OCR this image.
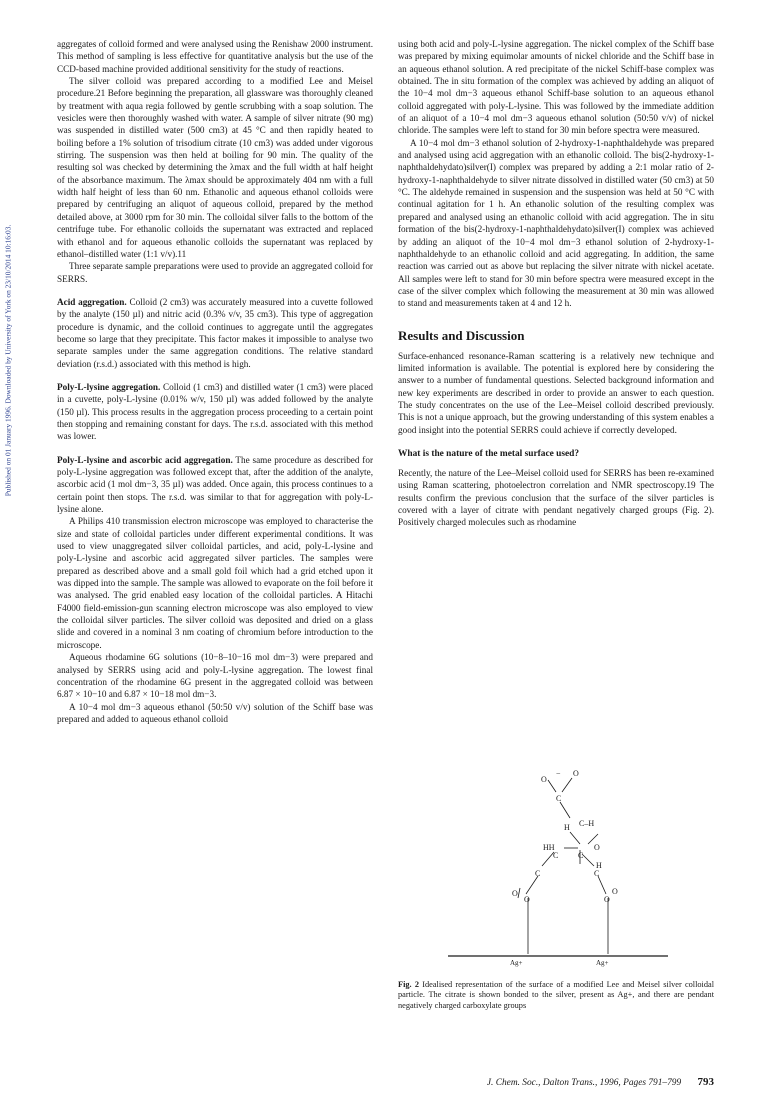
Published on 01 January 1996. Downloaded by University of York on 23/10/2014 10:16:03.

aggregates of colloid formed and were analysed using the Renishaw 2000 instrument. This method of sampling is less effective for quantitative analysis but the use of the CCD-based machine provided additional sensitivity for the study of reactions.

The silver colloid was prepared according to a modified Lee and Meisel procedure.21 Before beginning the preparation, all glassware was thoroughly cleaned by treatment with aqua regia followed by gentle scrubbing with a soap solution. The vesicles were then thoroughly washed with water. A sample of silver nitrate (90 mg) was suspended in distilled water (500 cm3) at 45 °C and then rapidly heated to boiling before a 1% solution of trisodium citrate (10 cm3) was added under vigorous stirring. The suspension was then held at boiling for 90 min. The quality of the resulting sol was checked by determining the λmax and the full width at half height of the absorbance maximum. The λmax should be approximately 404 nm with a full width half height of less than 60 nm. Ethanolic and aqueous ethanol colloids were prepared by centrifuging an aliquot of aqueous colloid, prepared by the method detailed above, at 3000 rpm for 30 min. The colloidal silver falls to the bottom of the centrifuge tube. For ethanolic colloids the supernatant was extracted and replaced with ethanol and for aqueous ethanolic colloids the supernatant was replaced by ethanol–distilled water (1:1 v/v).11

Three separate sample preparations were used to provide an aggregated colloid for SERRS.

Acid aggregation. Colloid (2 cm3) was accurately measured into a cuvette followed by the analyte (150 µl) and nitric acid (0.3% v/v, 35 cm3). This type of aggregation procedure is dynamic, and the colloid continues to aggregate until the aggregates become so large that they precipitate. This factor makes it impossible to analyse two separate samples under the same aggregation conditions. The relative standard deviation (r.s.d.) associated with this method is high.

Poly-L-lysine aggregation. Colloid (1 cm3) and distilled water (1 cm3) were placed in a cuvette, poly-L-lysine (0.01% w/v, 150 µl) was added followed by the analyte (150 µl). This process results in the aggregation process proceeding to a certain point then stopping and remaining constant for days. The r.s.d. associated with this method was lower.

Poly-L-lysine and ascorbic acid aggregation. The same procedure as described for poly-L-lysine aggregation was followed except that, after the addition of the analyte, ascorbic acid (1 mol dm−3, 35 µl) was added. Once again, this process continues to a certain point then stops. The r.s.d. was similar to that for aggregation with poly-L-lysine alone.

A Philips 410 transmission electron microscope was employed to characterise the size and state of colloidal particles under different experimental conditions. It was used to view unaggregated silver colloidal particles, and acid, poly-L-lysine and poly-L-lysine and ascorbic acid aggregated silver particles. The samples were prepared as described above and a small gold foil which had a grid etched upon it was dipped into the sample. The sample was allowed to evaporate on the foil before it was analysed. The grid enabled easy location of the colloidal particles. A Hitachi F4000 field-emission-gun scanning electron microscope was also employed to view the colloidal silver particles. The silver colloid was deposited and dried on a glass slide and covered in a nominal 3 nm coating of chromium before introduction to the microscope.

Aqueous rhodamine 6G solutions (10−8–10−16 mol dm−3) were prepared and analysed by SERRS using acid and poly-L-lysine aggregation. The lowest final concentration of the rhodamine 6G present in the aggregated colloid was between 6.87 × 10−10 and 6.87 × 10−18 mol dm−3.

A 10−4 mol dm−3 aqueous ethanol (50:50 v/v) solution of the Schiff base was prepared and added to aqueous ethanol colloid

using both acid and poly-L-lysine aggregation. The nickel complex of the Schiff base was prepared by mixing equimolar amounts of nickel chloride and the Schiff base in an aqueous ethanol solution. A red precipitate of the nickel Schiff-base complex was obtained. The in situ formation of the complex was achieved by adding an aliquot of the 10−4 mol dm−3 aqueous ethanol Schiff-base solution to an aqueous ethanol colloid aggregated with poly-L-lysine. This was followed by the immediate addition of an aliquot of a 10−4 mol dm−3 aqueous ethanol solution (50:50 v/v) of nickel chloride. The samples were left to stand for 30 min before spectra were measured.

A 10−4 mol dm−3 ethanol solution of 2-hydroxy-1-naphthaldehyde was prepared and analysed using acid aggregation with an ethanolic colloid. The bis(2-hydroxy-1-naphthaldehydato)silver(I) complex was prepared by adding a 2:1 molar ratio of 2-hydroxy-1-naphthaldehyde to silver nitrate dissolved in distilled water (50 cm3) at 50 °C. The aldehyde remained in suspension and the suspension was held at 50 °C with continual agitation for 1 h. An ethanolic solution of the resulting complex was prepared and analysed using an ethanolic colloid with acid aggregation. The in situ formation of the bis(2-hydroxy-1-naphthaldehydato)silver(I) complex was achieved by adding an aliquot of the 10−4 mol dm−3 ethanol solution of 2-hydroxy-1-naphthaldehyde to an ethanolic colloid and acid aggregating. In addition, the same reaction was carried out as above but replacing the silver nitrate with nickel acetate. All samples were left to stand for 30 min before spectra were measured except in the case of the silver complex which following the measurement at 30 min was allowed to stand and measurements taken at 4 and 12 h.

Results and Discussion

Surface-enhanced resonance-Raman scattering is a relatively new technique and limited information is available. The potential is explored here by considering the answer to a number of fundamental questions. Selected background information and new key experiments are described in order to provide an answer to each question. The study concentrates on the use of the Lee–Meisel colloid described previously. This is not a unique approach, but the growing understanding of this system enables a good insight into the potential SERRS could achieve if correctly developed.

What is the nature of the metal surface used?

Recently, the nature of the Lee–Meisel colloid used for SERRS has been re-examined using Raman scattering, photoelectron correlation and NMR spectroscopy.19 The results confirm the previous conclusion that the surface of the silver particles is covered with a layer of citrate with pendant negatively charged groups (Fig. 2). Positively charged molecules such as rhodamine

O
− O
C
H C–H
HH	O
C C
H
C	C
O
O	O
O
Ag+	Ag+
Fig. 2 Idealised representation of the surface of a modified Lee and Meisel silver colloidal particle. The citrate is shown bonded to the silver, present as Ag+, and there are pendant negatively charged carboxylate groups
J. Chem. Soc., Dalton Trans., 1996, Pages 791–799 793
